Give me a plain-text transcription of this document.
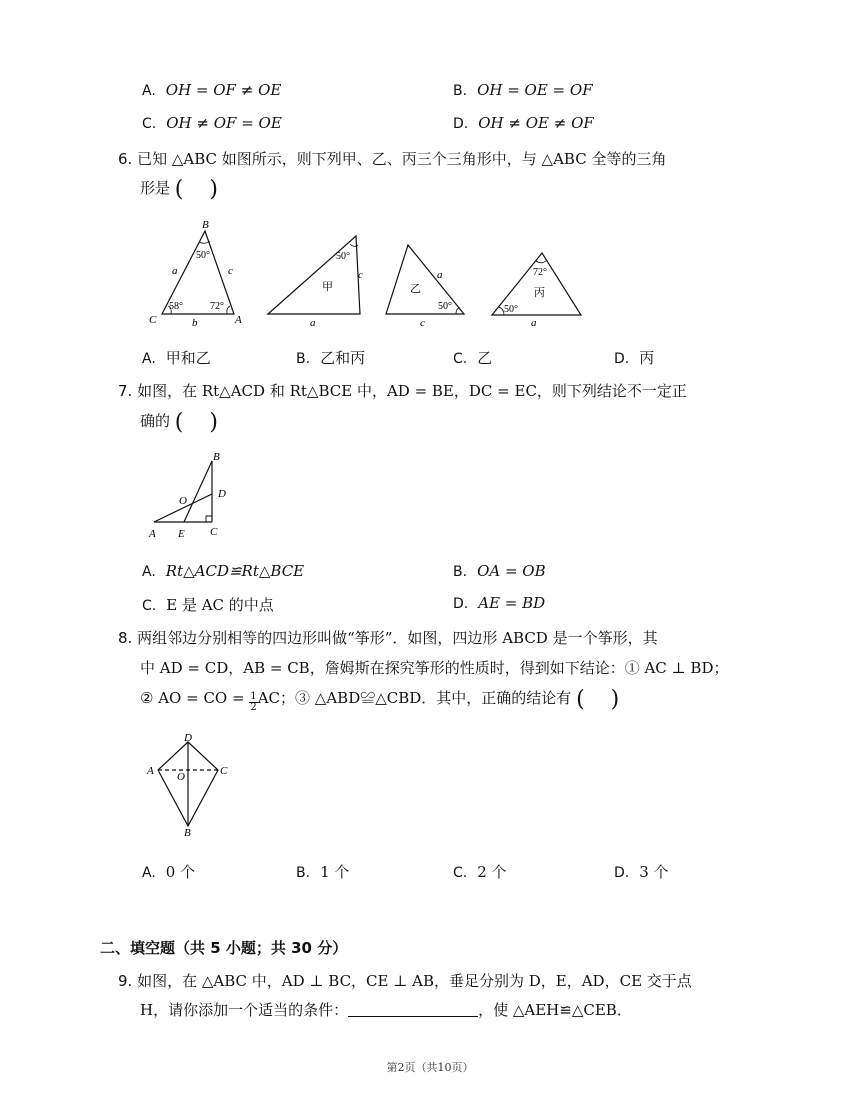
A. OH = OF ≠ OE	B. OH = OE = OF
C. OH ≠ OF = OE	D. OH ≠ OE ≠ OF
6. 已知 △ABC 如图所示，则下列甲、乙、丙三个三角形中，与 △ABC 全等的三角
形是 ( )
B
C	A
a	c
b
50°
58°	72°
50°
c
a
甲
a
50°
c
乙
72°
50°
a
丙
A. 甲和乙	B. 乙和丙	C. 乙	D. 丙
7. 如图，在 Rt△ACD 和 Rt△BCE 中，AD = BE，DC = EC，则下列结论不一定正
确的 ( )
B
D
O
A E C
A. Rt△ACD≌Rt△BCE	B. OA = OB
C. E 是 AC 的中点	D. AE = BD
8. 两组邻边分别相等的四边形叫做“筝形”．如图，四边形 ABCD 是一个筝形，其
中 AD = CD，AB = CB，詹姆斯在探究筝形的性质时，得到如下结论：① AC ⊥ BD；
② AO = CO = $\frac{1}{2}$ AC；③ △ABD≌△CBD．其中，正确的结论有 ( )
D
A O	C
B
A. 0 个	B. 1 个	C. 2 个	D. 3 个
二、填空题（共 5 小题；共 30 分）
9. 如图，在 △ABC 中，AD ⊥ BC，CE ⊥ AB，垂足分别为 D，E，AD，CE 交于点
H，请你添加一个适当的条件：	，使 △AEH≌△CEB．
第2页（共10页）
